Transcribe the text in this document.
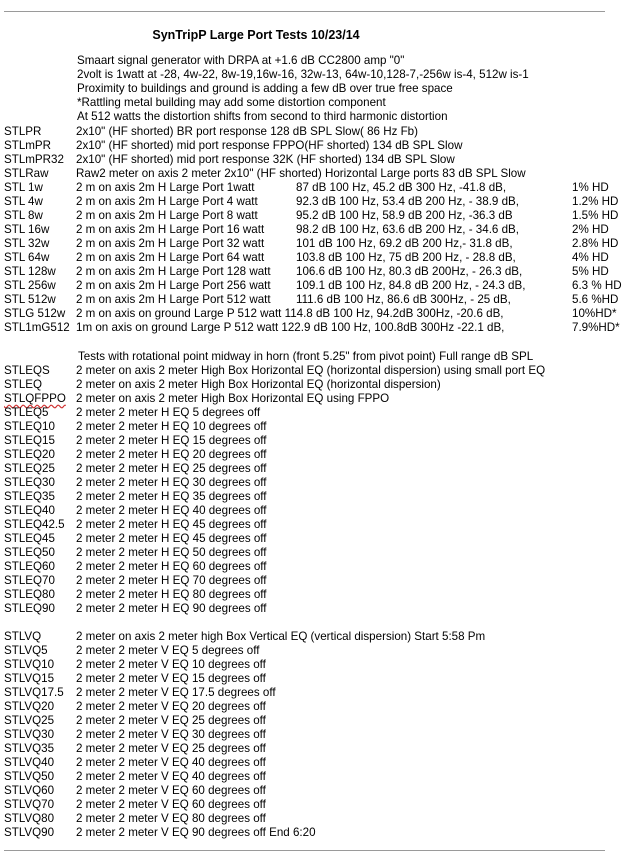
SynTripP Large Port Tests 10/23/14
Smaart signal generator with DRPA at +1.6 dB CC2800 amp "0"
2volt is 1watt at -28, 4w-22, 8w-19,16w-16, 32w-13, 64w-10,128-7,-256w is-4, 512w is-1
Proximity to buildings and ground is adding a few dB over true free space
*Rattling metal building may add some distortion component
At 512 watts the distortion shifts from second to third harmonic distortion
STLPR	2x10" (HF shorted) BR port response 128 dB SPL Slow( 86 Hz Fb)
STLmPR 2x10" (HF shorted) mid port response FPPO(HF shorted) 134 dB SPL Slow
STLmPR32 2x10" (HF shorted) mid port response 32K (HF shorted) 134 dB SPL Slow
STLRaw Raw2 meter on axis 2 meter 2x10" (HF shorted) Horizontal Large ports 83 dB SPL Slow
STL 1w	2 m on axis 2m H Large Port 1watt	87 dB 100 Hz, 45.2 dB 300 Hz, -41.8 dB,	1% HD
STL 4w	2 m on axis 2m H Large Port 4 watt	92.3 dB 100 Hz, 53.4 dB 200 Hz, - 38.9 dB,	1.2% HD
STL 8w	2 m on axis 2m H Large Port 8 watt	95.2 dB 100 Hz, 58.9 dB 200 Hz, -36.3 dB	1.5% HD
STL 16w 2 m on axis 2m H Large Port 16 watt	98.2 dB 100 Hz, 63.6 dB 200 Hz, - 34.6 dB,	2% HD
STL 32w 2 m on axis 2m H Large Port 32 watt	101 dB 100 Hz, 69.2 dB 200 Hz,- 31.8 dB,	2.8% HD
STL 64w 2 m on axis 2m H Large Port 64 watt	103.8 dB 100 Hz, 75 dB 200 Hz, - 28.8 dB,	4% HD
STL 128w 2 m on axis 2m H Large Port 128 watt 106.6 dB 100 Hz, 80.3 dB 200Hz, - 26.3 dB,	5% HD
STL 256w 2 m on axis 2m H Large Port 256 watt 109.1 dB 100 Hz, 84.8 dB 200 Hz, - 24.3 dB,	6.3 % HD
STL 512w 2 m on axis 2m H Large Port 512 watt 111.6 dB 100 Hz, 86.6 dB 300Hz, - 25 dB,	5.6 %HD
STLG 512w 2 m on axis on ground Large P 512 watt 114.8 dB 100 Hz, 94.2dB 300Hz, -20.6 dB,	10%HD*
STL1mG512 1m on axis on ground Large P 512 watt 122.9 dB 100 Hz, 100.8dB 300Hz -22.1 dB,	7.9%HD*
Tests with rotational point midway in horn (front 5.25" from pivot point) Full range dB SPL
STLEQS 2 meter on axis 2 meter High Box Horizontal EQ (horizontal dispersion) using small port EQ
STLEQ	2 meter on axis 2 meter High Box Horizontal EQ (horizontal dispersion)
STLQFPPO 2 meter on axis 2 meter High Box Horizontal EQ using FPPO
STLEQ5 2 meter 2 meter H EQ 5 degrees off
STLEQ10 2 meter 2 meter H EQ 10 degrees off
STLEQ15 2 meter 2 meter H EQ 15 degrees off
STLEQ20 2 meter 2 meter H EQ 20 degrees off
STLEQ25 2 meter 2 meter H EQ 25 degrees off
STLEQ30 2 meter 2 meter H EQ 30 degrees off
STLEQ35 2 meter 2 meter H EQ 35 degrees off
STLEQ40 2 meter 2 meter H EQ 40 degrees off
STLEQ42.5 2 meter 2 meter H EQ 45 degrees off
STLEQ45 2 meter 2 meter H EQ 45 degrees off
STLEQ50 2 meter 2 meter H EQ 50 degrees off
STLEQ60 2 meter 2 meter H EQ 60 degrees off
STLEQ70 2 meter 2 meter H EQ 70 degrees off
STLEQ80 2 meter 2 meter H EQ 80 degrees off
STLEQ90 2 meter 2 meter H EQ 90 degrees off
STLVQ	2 meter on axis 2 meter high Box Vertical EQ (vertical dispersion) Start 5:58 Pm
STLVQ5 2 meter 2 meter V EQ 5 degrees off
STLVQ10 2 meter 2 meter V EQ 10 degrees off
STLVQ15 2 meter 2 meter V EQ 15 degrees off
STLVQ17.5 2 meter 2 meter V EQ 17.5 degrees off
STLVQ20 2 meter 2 meter V EQ 20 degrees off
STLVQ25 2 meter 2 meter V EQ 25 degrees off
STLVQ30 2 meter 2 meter V EQ 30 degrees off
STLVQ35 2 meter 2 meter V EQ 25 degrees off
STLVQ40 2 meter 2 meter V EQ 40 degrees off
STLVQ50 2 meter 2 meter V EQ 40 degrees off
STLVQ60 2 meter 2 meter V EQ 60 degrees off
STLVQ70 2 meter 2 meter V EQ 60 degrees off
STLVQ80 2 meter 2 meter V EQ 80 degrees off
STLVQ90 2 meter 2 meter V EQ 90 degrees off End 6:20
